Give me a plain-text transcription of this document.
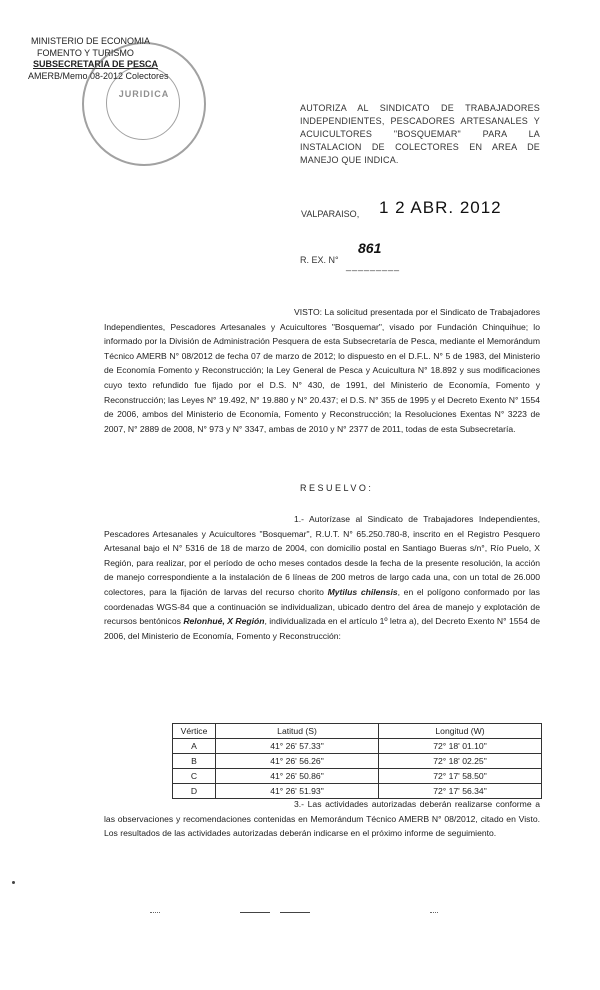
MINISTERIO DE ECONOMIA
FOMENTO Y TURISMO
SUBSECRETARIA DE PESCA
AMERB/Memo 08-2012 Colectores
JURIDICA
AUTORIZA AL SINDICATO DE TRABAJADORES INDEPENDIENTES, PESCADORES ARTESANALES Y ACUICULTORES "BOSQUEMAR" PARA LA INSTALACION DE COLECTORES EN AREA DE MANEJO QUE INDICA.
VALPARAISO, 1 2 ABR. 2012
R. EX. N°
861
_________
VISTO: La solicitud presentada por el Sindicato de Trabajadores Independientes, Pescadores Artesanales y Acuicultores "Bosquemar", visado por Fundación Chinquihue; lo informado por la División de Administración Pesquera de esta Subsecretaría de Pesca, mediante el Memorándum Técnico AMERB N° 08/2012 de fecha 07 de marzo de 2012; lo dispuesto en el D.F.L. N° 5 de 1983, del Ministerio de Economía Fomento y Reconstrucción; la Ley General de Pesca y Acuicultura N° 18.892 y sus modificaciones cuyo texto refundido fue fijado por el D.S. N° 430, de 1991, del Ministerio de Economía, Fomento y Reconstrucción; las Leyes N° 19.492, N° 19.880 y N° 20.437; el D.S. N° 355 de 1995 y el Decreto Exento N° 1554 de 2006, ambos del Ministerio de Economía, Fomento y Reconstrucción; la Resoluciones Exentas N° 3223 de 2007, N° 2889 de 2008, N° 973 y N° 3347, ambas de 2010 y N° 2377 de 2011, todas de esta Subsecretaría.
RESUELVO:
1.- Autorízase al Sindicato de Trabajadores Independientes, Pescadores Artesanales y Acuicultores "Bosquemar", R.U.T. N° 65.250.780-8, inscrito en el Registro Pesquero Artesanal bajo el N° 5316 de 18 de marzo de 2004, con domicilio postal en Santiago Bueras s/n°, Río Puelo, X Región, para realizar, por el período de ocho meses contados desde la fecha de la presente resolución, la acción de manejo correspondiente a la instalación de 6 líneas de 200 metros de largo cada una, con un total de 26.000 colectores, para la fijación de larvas del recurso chorito Mytilus chilensis, en el polígono conformado por las coordenadas WGS-84 que a continuación se individualizan, ubicado dentro del área de manejo y explotación de recursos bentónicos Relonhué, X Región, individualizada en el artículo 1º letra a), del Decreto Exento N° 1554 de 2006, del Ministerio de Economía, Fomento y Reconstrucción:
Vértice	Latitud (S)	Longitud (W)
A	41° 26' 57.33"	72° 18' 01.10"
B	41° 26' 56.26"	72° 18' 02.25"
C	41° 26' 50.86"	72° 17' 58.50"
D	41° 26' 51.93"	72° 17' 56.34"
3.- Las actividades autorizadas deberán realizarse conforme a las observaciones y recomendaciones contenidas en Memorándum Técnico AMERB N° 08/2012, citado en Visto. Los resultados de las actividades autorizadas deberán indicarse en el próximo informe de seguimiento.
